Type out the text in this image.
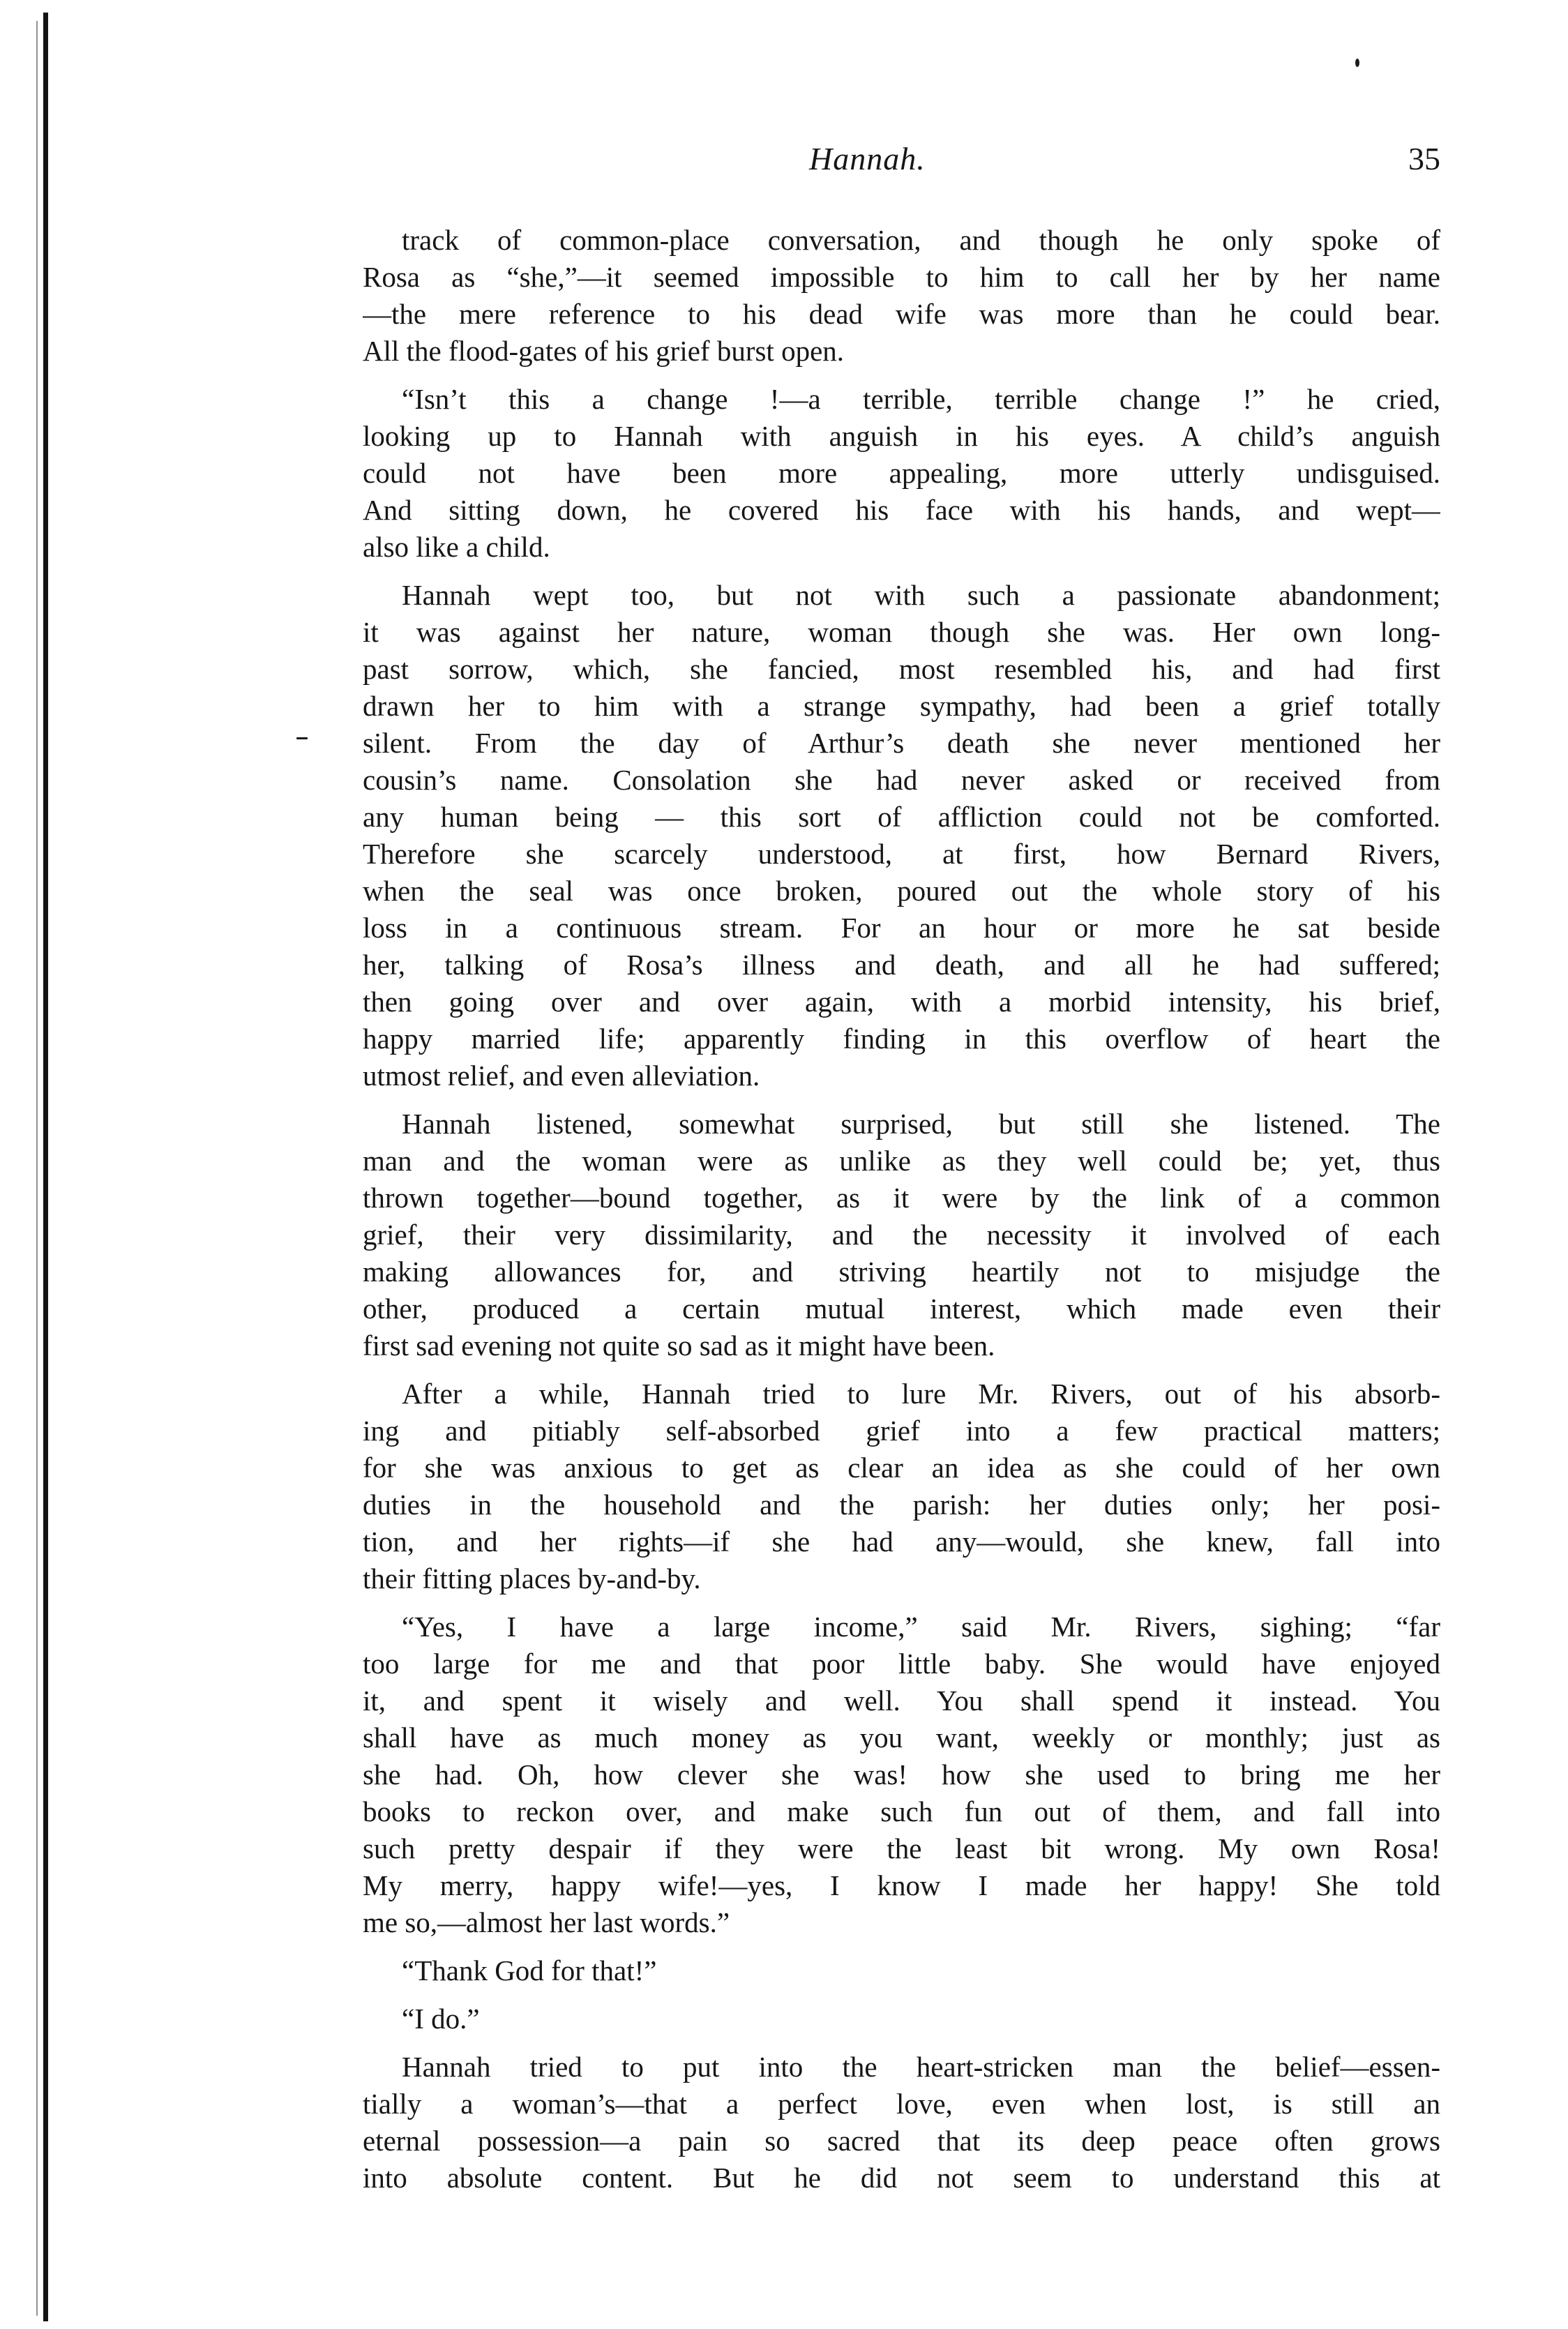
Hannah.	35

track of common-place conversation, and though he only spoke of
Rosa as “she,”—it seemed impossible to him to call her by her name
—the mere reference to his dead wife was more than he could bear.
All the flood-gates of his grief burst open.

“Isn’t this a change !—a terrible, terrible change !” he cried,
looking up to Hannah with anguish in his eyes. A child’s anguish
could not have been more appealing, more utterly undisguised.
And sitting down, he covered his face with his hands, and wept—
also like a child.

Hannah wept too, but not with such a passionate abandonment;
it was against her nature, woman though she was. Her own long-
past sorrow, which, she fancied, most resembled his, and had first
drawn her to him with a strange sympathy, had been a grief totally
silent. From the day of Arthur’s death she never mentioned her
cousin’s name. Consolation she had never asked or received from
any human being — this sort of affliction could not be comforted.
Therefore she scarcely understood, at first, how Bernard Rivers,
when the seal was once broken, poured out the whole story of his
loss in a continuous stream. For an hour or more he sat beside
her, talking of Rosa’s illness and death, and all he had suffered;
then going over and over again, with a morbid intensity, his brief,
happy married life; apparently finding in this overflow of heart the
utmost relief, and even alleviation.

Hannah listened, somewhat surprised, but still she listened. The
man and the woman were as unlike as they well could be; yet, thus
thrown together—bound together, as it were by the link of a common
grief, their very dissimilarity, and the necessity it involved of each
making allowances for, and striving heartily not to misjudge the
other, produced a certain mutual interest, which made even their
first sad evening not quite so sad as it might have been.

After a while, Hannah tried to lure Mr. Rivers, out of his absorb-
ing and pitiably self-absorbed grief into a few practical matters;
for she was anxious to get as clear an idea as she could of her own
duties in the household and the parish: her duties only; her posi-
tion, and her rights—if she had any—would, she knew, fall into
their fitting places by-and-by.

“Yes, I have a large income,” said Mr. Rivers, sighing; “far
too large for me and that poor little baby. She would have enjoyed
it, and spent it wisely and well. You shall spend it instead. You
shall have as much money as you want, weekly or monthly; just as
she had. Oh, how clever she was! how she used to bring me her
books to reckon over, and make such fun out of them, and fall into
such pretty despair if they were the least bit wrong. My own Rosa!
My merry, happy wife!—yes, I know I made her happy! She told
me so,—almost her last words.”

“Thank God for that!”

“I do.”

Hannah tried to put into the heart-stricken man the belief—essen-
tially a woman’s—that a perfect love, even when lost, is still an
eternal possession—a pain so sacred that its deep peace often grows
into absolute content. But he did not seem to understand this at
